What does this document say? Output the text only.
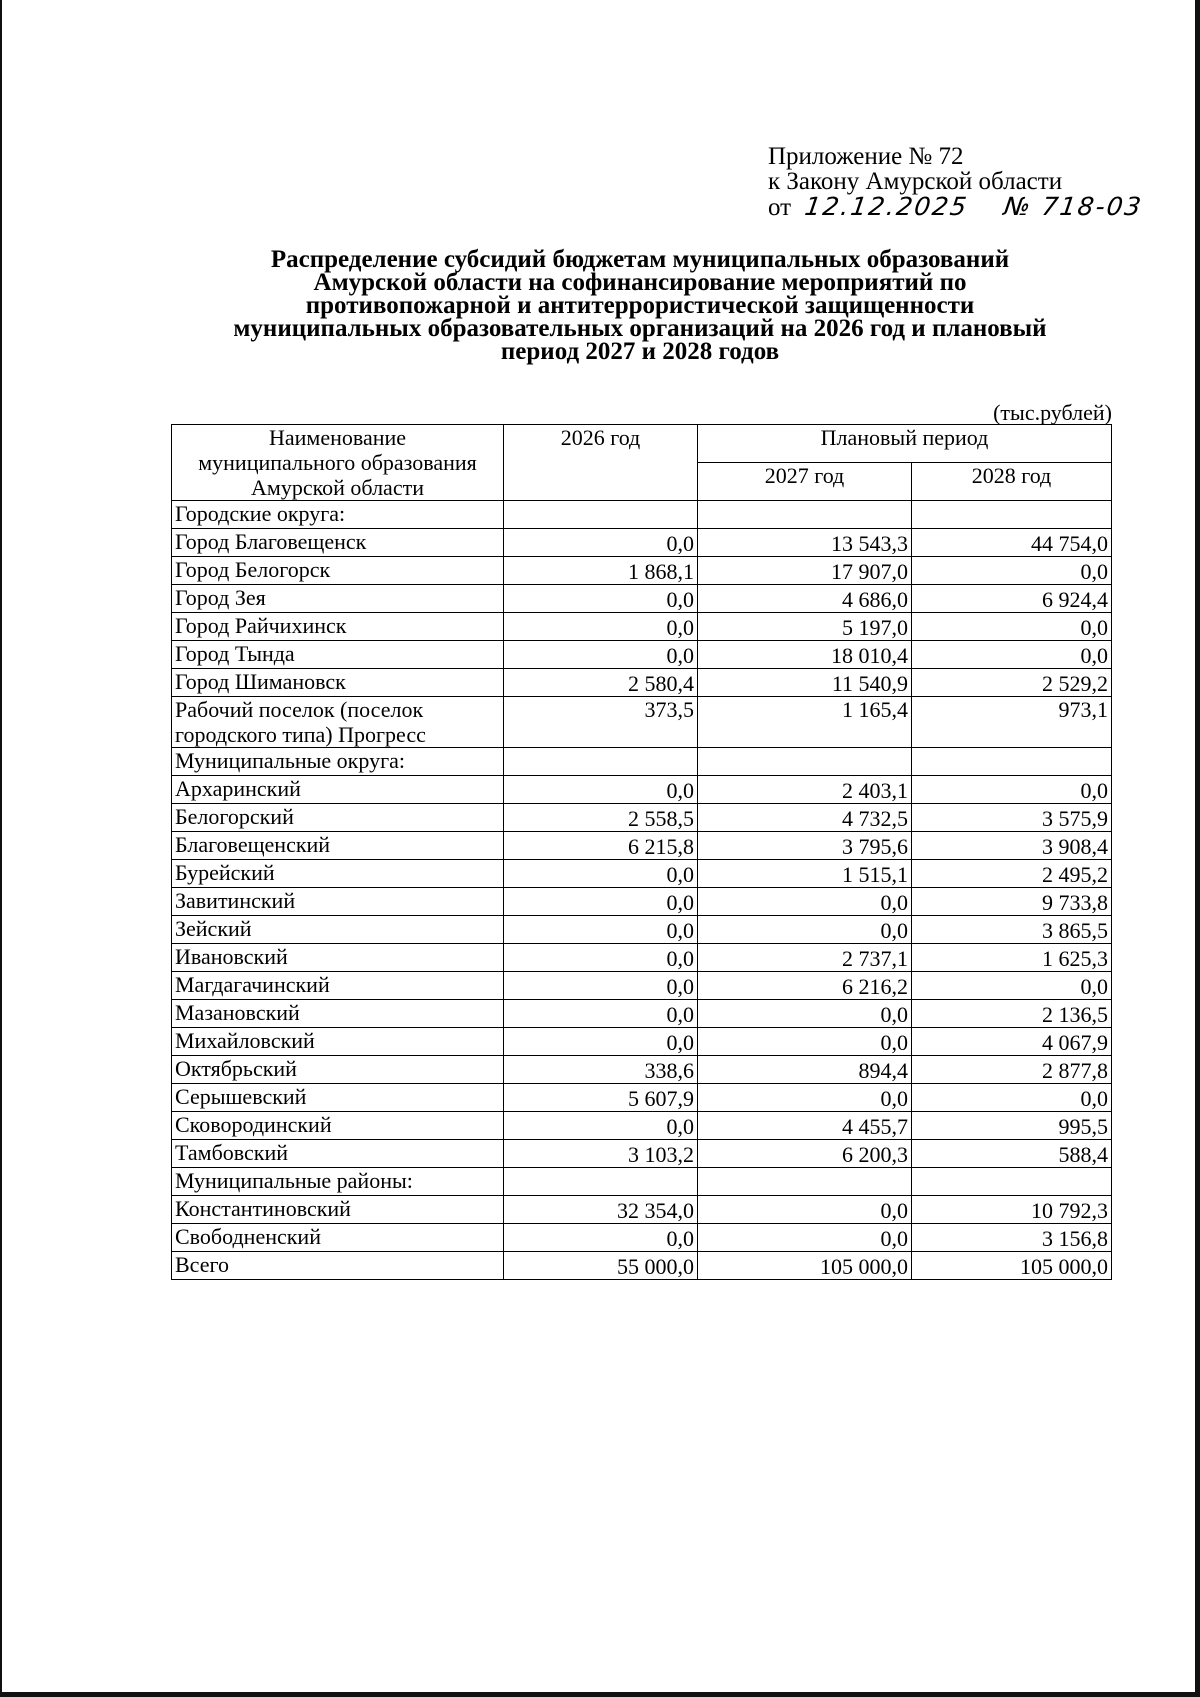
Приложение № 72
к Закону Амурской области
от 12.12.2025 № 718-03
Распределение субсидий бюджетам муниципальных образований
Амурской области на софинансирование мероприятий по
противопожарной и антитеррористической защищенности
муниципальных образовательных организаций на 2026 год и плановый
период 2027 и 2028 годов
(тыс.рублей)
Наименование
муниципального образования
Амурской области	2026 год	Плановый период	
		2027 год	2028 год
Городские округа:			
Город Благовещенск	0,0	13 543,3	44 754,0
Город Белогорск	1 868,1	17 907,0	0,0
Город Зея	0,0	4 686,0	6 924,4
Город Райчихинск	0,0	5 197,0	0,0
Город Тында	0,0	18 010,4	0,0
Город Шимановск	2 580,4	11 540,9	2 529,2
Рабочий поселок (поселок
городского типа) Прогресс	373,5	1 165,4	973,1
Муниципальные округа:			
Архаринский	0,0	2 403,1	0,0
Белогорский	2 558,5	4 732,5	3 575,9
Благовещенский	6 215,8	3 795,6	3 908,4
Бурейский	0,0	1 515,1	2 495,2
Завитинский	0,0	0,0	9 733,8
Зейский	0,0	0,0	3 865,5
Ивановский	0,0	2 737,1	1 625,3
Магдагачинский	0,0	6 216,2	0,0
Мазановский	0,0	0,0	2 136,5
Михайловский	0,0	0,0	4 067,9
Октябрьский	338,6	894,4	2 877,8
Серышевский	5 607,9	0,0	0,0
Сковородинский	0,0	4 455,7	995,5
Тамбовский	3 103,2	6 200,3	588,4
Муниципальные районы:			
Константиновский	32 354,0	0,0	10 792,3
Свободненский	0,0	0,0	3 156,8
Всего	55 000,0	105 000,0	105 000,0
